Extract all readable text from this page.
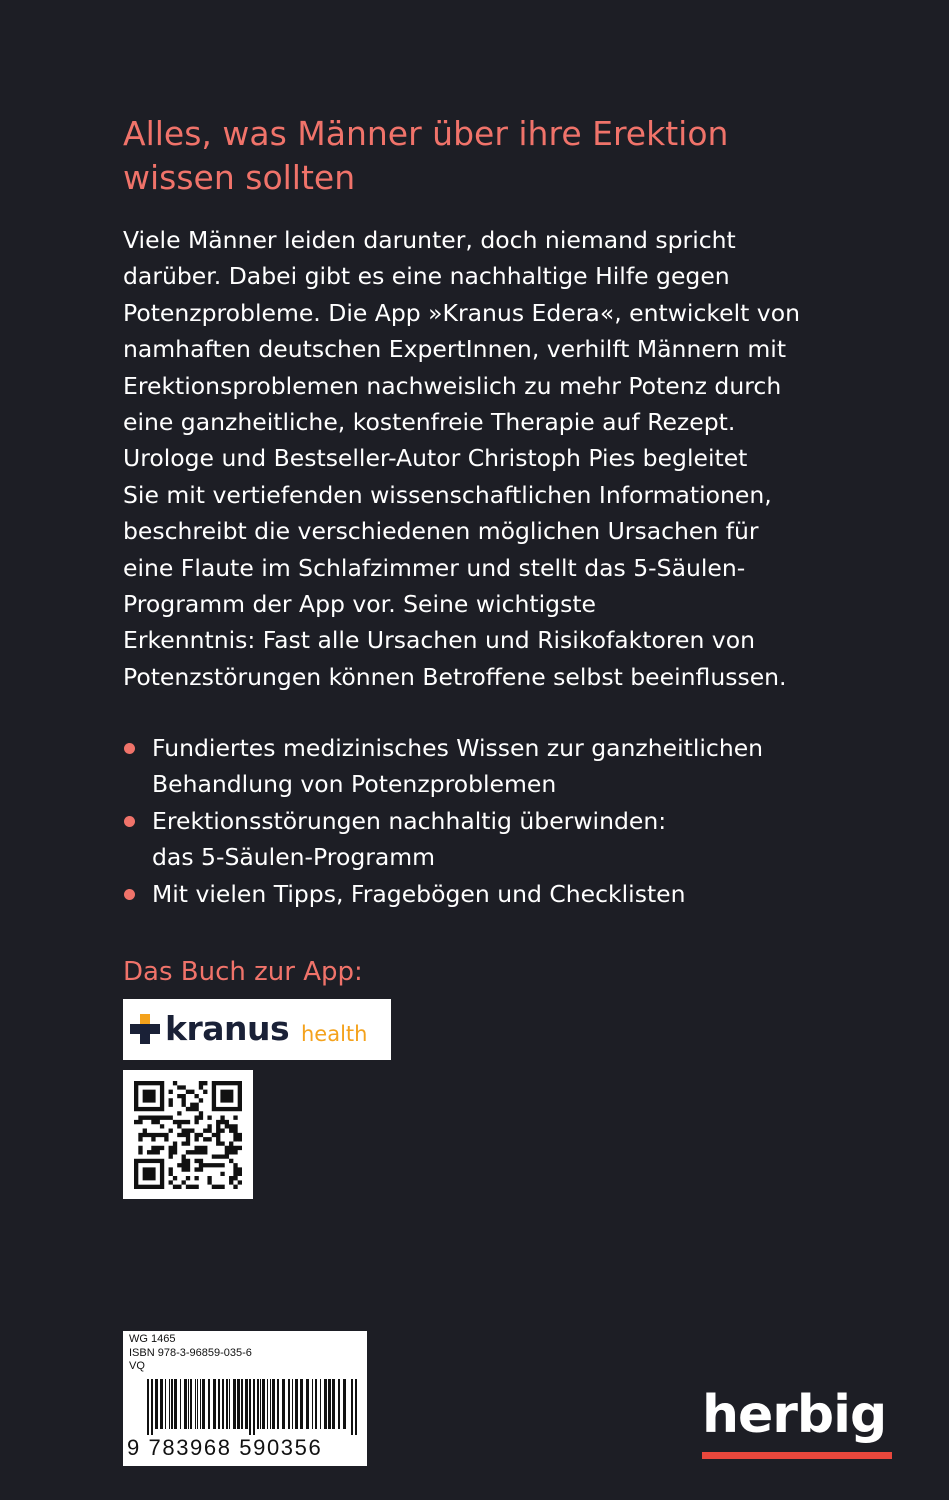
Alles, was Männer über ihre Erektion
wissen sollten

Viele Männer leiden darunter, doch niemand spricht
darüber. Dabei gibt es eine nachhaltige Hilfe gegen
Potenzprobleme. Die App »Kranus Edera«, entwickelt von
namhaften deutschen ExpertInnen, verhilft Männern mit
Erektionsproblemen nachweislich zu mehr Potenz durch
eine ganzheitliche, kostenfreie Therapie auf Rezept.
Urologe und Bestseller-Autor Christoph Pies begleitet
Sie mit vertiefenden wissenschaftlichen Informationen,
beschreibt die verschiedenen möglichen Ursachen für
eine Flaute im Schlafzimmer und stellt das 5-Säulen-
Programm der App vor. Seine wichtigste
Erkenntnis: Fast alle Ursachen und Risikofaktoren von
Potenzstörungen können Betroffene selbst beeinflussen.

Fundiertes medizinisches Wissen zur ganzheitlichen
Behandlung von Potenzproblemen
Erektionsstörungen nachhaltig überwinden:
das 5-Säulen-Programm
Mit vielen Tipps, Fragebögen und Checklisten
Das Buch zur App:
kranus health
WG 1465
ISBN 978-3-96859-035-6
VQ
9 783968 590356
herbig
